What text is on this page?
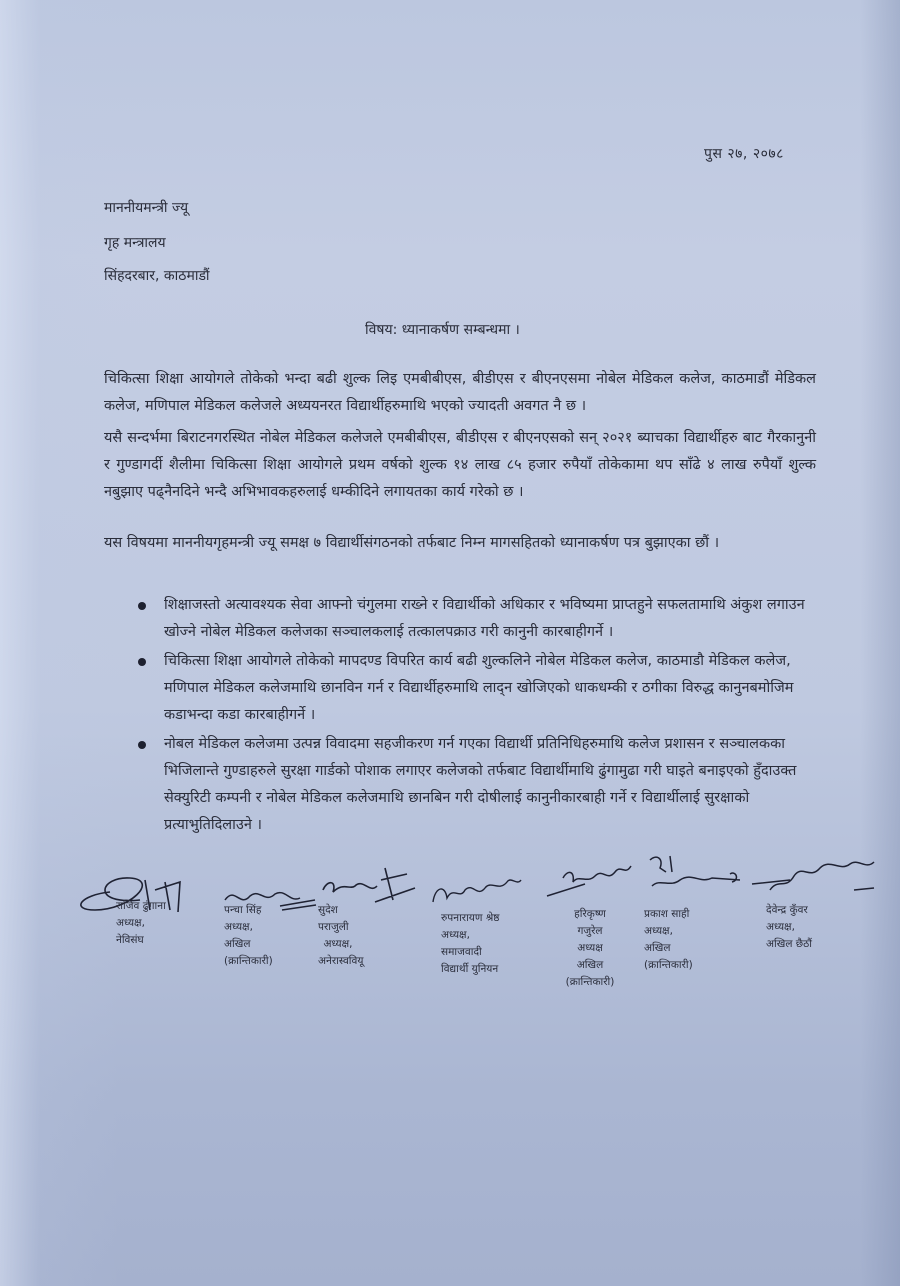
पुस २७, २०७८
माननीयमन्त्री ज्यू
गृह मन्त्रालय
सिंहदरबार, काठमाडौं
विषय: ध्यानाकर्षण सम्बन्धमा ।
चिकित्सा शिक्षा आयोगले तोकेको भन्दा बढी शुल्क लिइ एमबीबीएस, बीडीएस र बीएनएसमा नोबेल मेडिकल कलेज, काठमाडौं मेडिकल कलेज, मणिपाल मेडिकल कलेजले अध्ययनरत विद्यार्थीहरुमाथि भएको ज्यादती अवगत नै छ ।
यसै सन्दर्भमा बिराटनगरस्थित नोबेल मेडिकल कलेजले एमबीबीएस, बीडीएस र बीएनएसको सन् २०२१ ब्याचका विद्यार्थीहरु बाट गैरकानुनी र गुण्डागर्दी शैलीमा चिकित्सा शिक्षा आयोगले प्रथम वर्षको शुल्क १४ लाख ८५ हजार रुपैयाँ तोकेकामा थप साँढे ४ लाख रुपैयाँ शुल्क नबुझाए पढ्नैनदिने भन्दै अभिभावकहरुलाई धम्कीदिने लगायतका कार्य गरेको छ ।
यस विषयमा माननीयगृहमन्त्री ज्यू समक्ष ७ विद्यार्थीसंगठनको तर्फबाट निम्न मागसहितको ध्यानाकर्षण पत्र बुझाएका छौं ।
शिक्षाजस्तो अत्यावश्यक सेवा आफ्नो चंगुलमा राख्ने र विद्यार्थीको अधिकार र भविष्यमा प्राप्तहुने सफलतामाथि अंकुश लगाउन खोज्ने नोबेल मेडिकल कलेजका सञ्चालकलाई तत्कालपक्राउ गरी कानुनी कारबाहीगर्ने ।
चिकित्सा शिक्षा आयोगले तोकेको मापदण्ड विपरित कार्य बढी शुल्कलिने नोबेल मेडिकल कलेज, काठमाडौ मेडिकल कलेज, मणिपाल मेडिकल कलेजमाथि छानविन गर्न र विद्यार्थीहरुमाथि लाद्न खोजिएको धाकधम्की र ठगीका विरुद्ध कानुनबमोजिम कडाभन्दा कडा कारबाहीगर्ने ।
नोबल मेडिकल कलेजमा उत्पन्न विवादमा सहजीकरण गर्न गएका विद्यार्थी प्रतिनिधिहरुमाथि कलेज प्रशासन र सञ्चालकका भिजिलान्ते गुण्डाहरुले सुरक्षा गार्डको पोशाक लगाएर कलेजको तर्फबाट विद्यार्थीमाथि ढुंगामुढा गरी घाइते बनाइएको हुँदाउक्त सेक्युरिटी कम्पनी र नोबेल मेडिकल कलेजमाथि छानबिन गरी दोषीलाई कानुनीकारबाही गर्ने र विद्यार्थीलाई सुरक्षाको प्रत्याभुतिदिलाउने ।
राजिव ढुंगाना
अध्यक्ष,
नेविसंघ
पन्चा सिंह
अध्यक्ष,
अखिल
(क्रान्तिकारी)
सुदेश
पराजुली
अध्यक्ष,
अनेरास्ववियू
रुपनारायण श्रेष्ठ
अध्यक्ष,
समाजवादी
विद्यार्थी युनियन
हरिकृष्ण
गजुरेल
अध्यक्ष
अखिल
(क्रान्तिकारी)
प्रकाश साही
अध्यक्ष,
अखिल
(क्रान्तिकारी)
देवेन्द्र कुँवर
अध्यक्ष,
अखिल छैठौं
